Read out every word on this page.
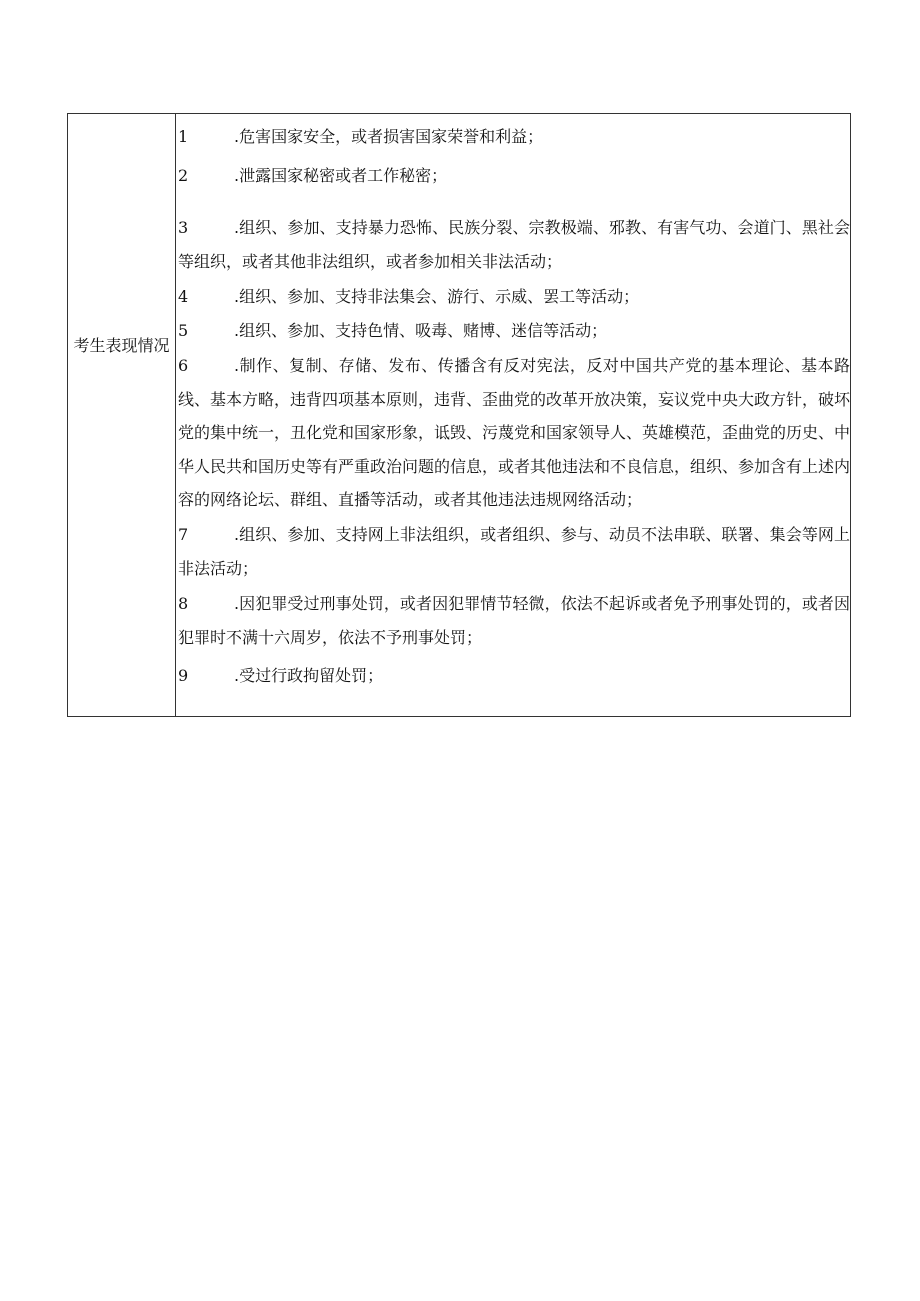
考生表现情况
1	.危害国家安全，或者损害国家荣誉和利益；
2	.泄露国家秘密或者工作秘密；
3	.组织、参加、支持暴力恐怖、民族分裂、宗教极端、邪教、有害气功、会道门、黑社会等组织，或者其他非法组织，或者参加相关非法活动；
4	.组织、参加、支持非法集会、游行、示威、罢工等活动；
5	.组织、参加、支持色情、吸毒、赌博、迷信等活动；
6	.制作、复制、存储、发布、传播含有反对宪法，反对中国共产党的基本理论、基本路线、基本方略，违背四项基本原则，违背、歪曲党的改革开放决策，妄议党中央大政方针，破坏党的集中统一，丑化党和国家形象，诋毁、污蔑党和国家领导人、英雄模范，歪曲党的历史、中华人民共和国历史等有严重政治问题的信息，或者其他违法和不良信息，组织、参加含有上述内容的网络论坛、群组、直播等活动，或者其他违法违规网络活动；
7	.组织、参加、支持网上非法组织，或者组织、参与、动员不法串联、联署、集会等网上非法活动；
8	.因犯罪受过刑事处罚，或者因犯罪情节轻微，依法不起诉或者免予刑事处罚的，或者因犯罪时不满十六周岁，依法不予刑事处罚；
9	.受过行政拘留处罚；
